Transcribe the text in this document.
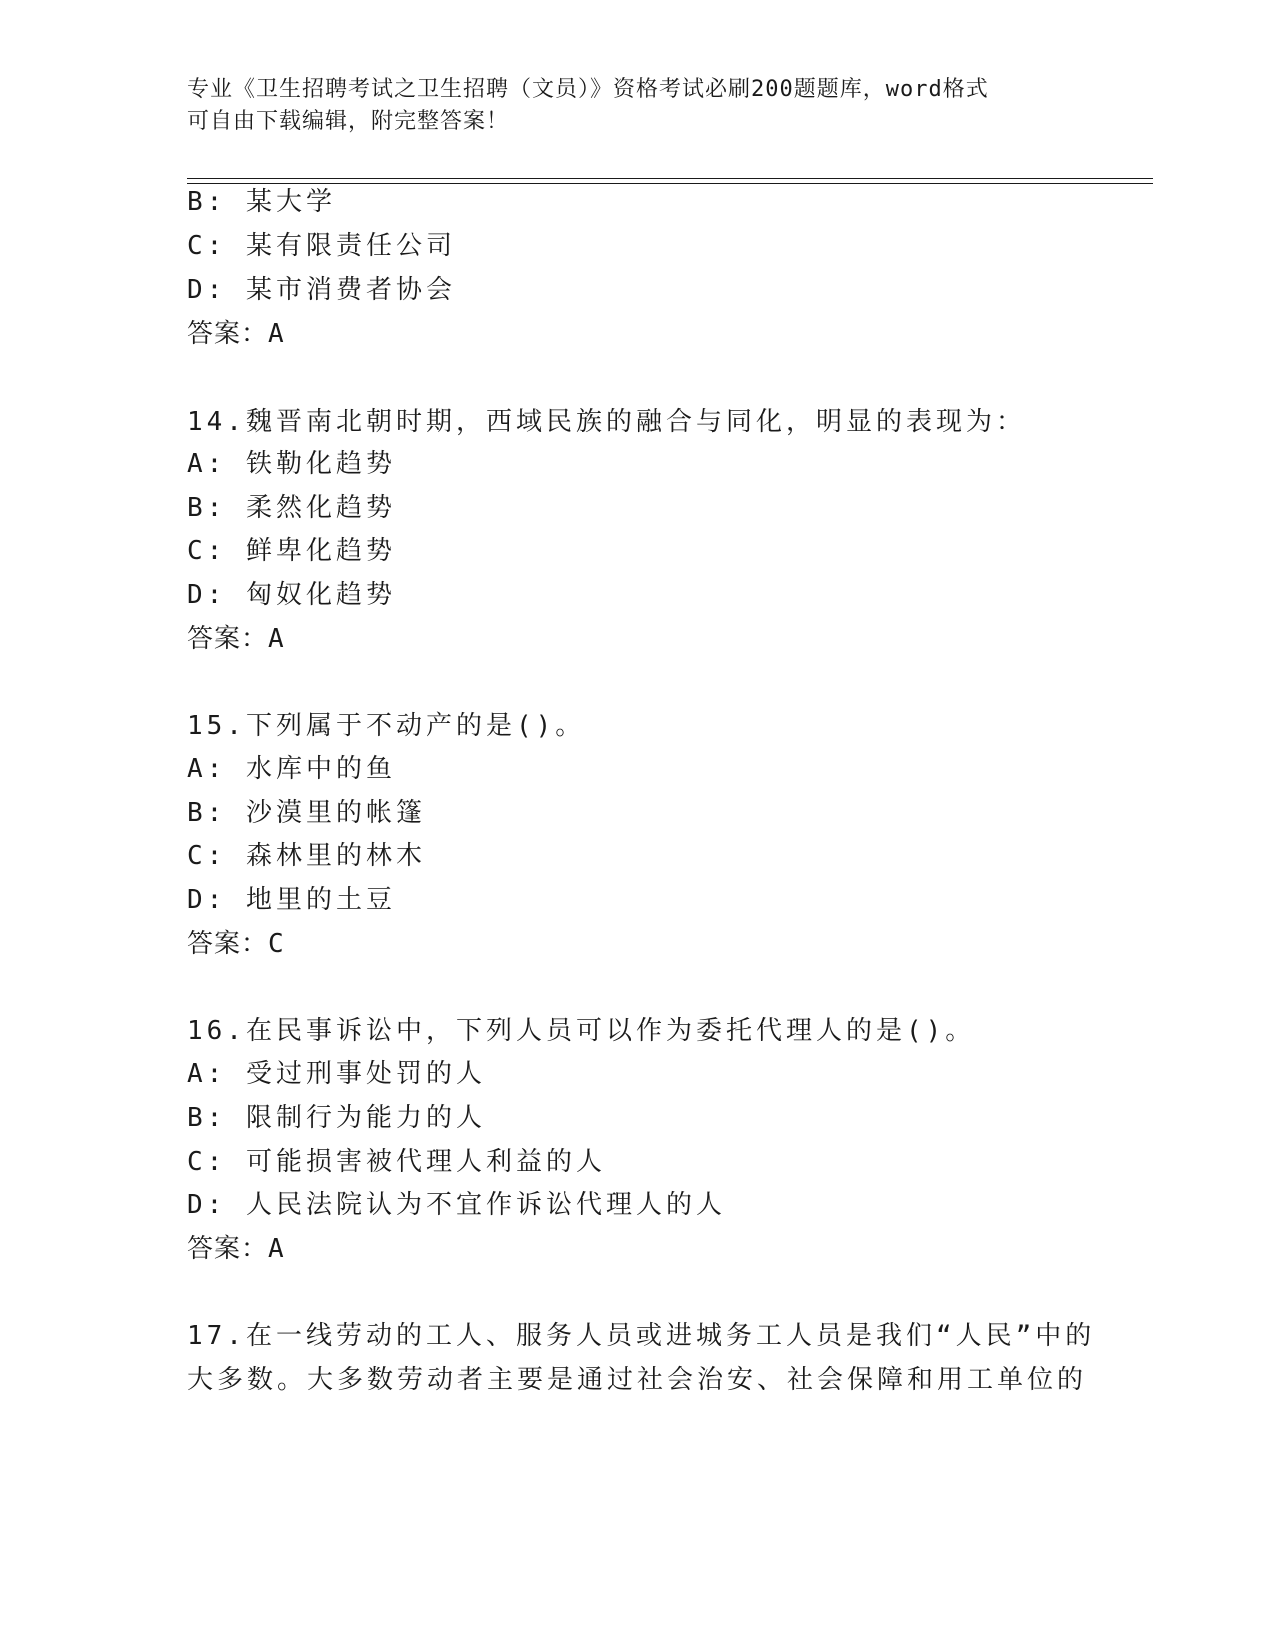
专业《卫生招聘考试之卫生招聘（文员）》资格考试必刷200题题库，word格式
可自由下载编辑，附完整答案！
B: 某大学
C: 某有限责任公司
D: 某市消费者协会
答案：A
14.魏晋南北朝时期，西域民族的融合与同化，明显的表现为：
A: 铁勒化趋势
B: 柔然化趋势
C: 鲜卑化趋势
D: 匈奴化趋势
答案：A
15.下列属于不动产的是()。
A: 水库中的鱼
B: 沙漠里的帐篷
C: 森林里的林木
D: 地里的土豆
答案：C
16.在民事诉讼中，下列人员可以作为委托代理人的是()。
A: 受过刑事处罚的人
B: 限制行为能力的人
C: 可能损害被代理人利益的人
D: 人民法院认为不宜作诉讼代理人的人
答案：A
17.在一线劳动的工人、服务人员或进城务工人员是我们“人民”中的
大多数。大多数劳动者主要是通过社会治安、社会保障和用工单位的
